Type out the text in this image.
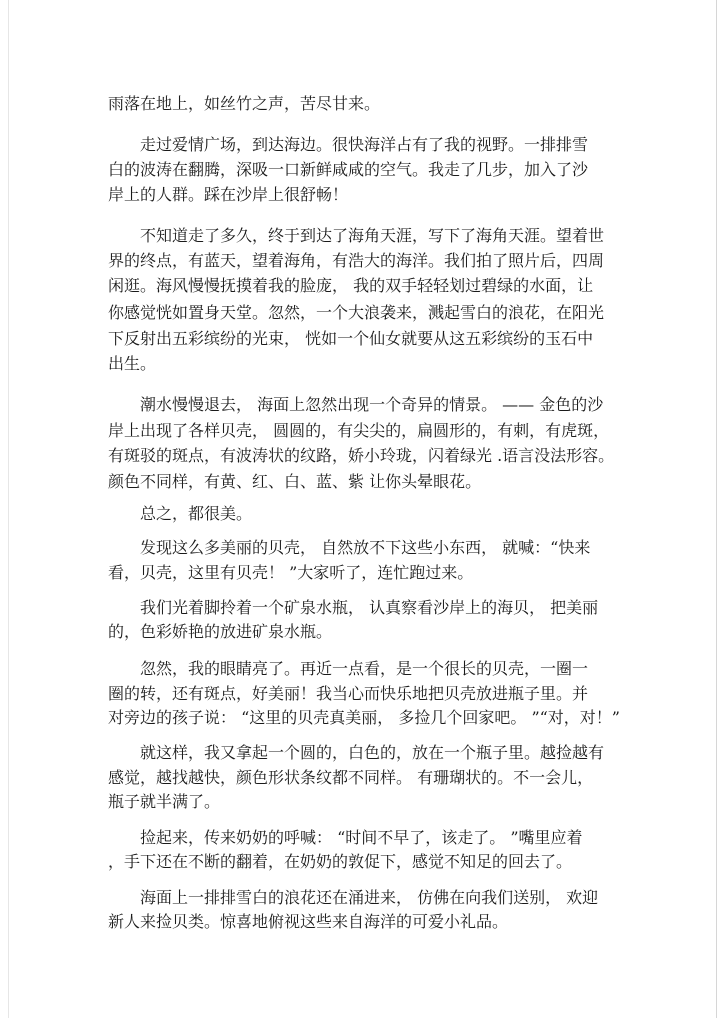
雨落在地上，如丝竹之声，苦尽甘来。
走过爱情广场，到达海边。很快海洋占有了我的视野。一排排雪
白的波涛在翻腾，深吸一口新鲜咸咸的空气。我走了几步，加入了沙
岸上的人群。踩在沙岸上很舒畅！
不知道走了多久，终于到达了海角天涯，写下了海角天涯。望着世
界的终点，有蓝天，望着海角，有浩大的海洋。我们拍了照片后，四周
闲逛。海风慢慢抚摸着我的脸庞， 我的双手轻轻划过碧绿的水面，让
你感觉恍如置身天堂。忽然，一个大浪袭来，溅起雪白的浪花，在阳光
下反射出五彩缤纷的光束， 恍如一个仙女就要从这五彩缤纷的玉石中
出生。
潮水慢慢退去， 海面上忽然出现一个奇异的情景。 —— 金色的沙
岸上出现了各样贝壳， 圆圆的，有尖尖的，扁圆形的，有刺，有虎斑，
有斑驳的斑点，有波涛状的纹路，娇小玲珑，闪着绿光 .语言没法形容。
颜色不同样，有黄、红、白、蓝、紫 让你头晕眼花。
总之，都很美。
发现这么多美丽的贝壳， 自然放不下这些小东西， 就喊：“快来
看，贝壳，这里有贝壳！ ”大家听了，连忙跑过来。
我们光着脚拎着一个矿泉水瓶， 认真察看沙岸上的海贝， 把美丽
的，色彩娇艳的放进矿泉水瓶。
忽然，我的眼睛亮了。再近一点看，是一个很长的贝壳，一圈一
圈的转，还有斑点，好美丽！我当心而快乐地把贝壳放进瓶子里。并
对旁边的孩子说： “这里的贝壳真美丽， 多捡几个回家吧。 ”“对，对！”
就这样，我又拿起一个圆的，白色的，放在一个瓶子里。越捡越有
感觉，越找越快，颜色形状条纹都不同样。 有珊瑚状的。不一会儿，
瓶子就半满了。
捡起来，传来奶奶的呼喊： “时间不早了，该走了。 ”嘴里应着
，手下还在不断的翻着，在奶奶的敦促下，感觉不知足的回去了。
海面上一排排雪白的浪花还在涌进来， 仿佛在向我们送别， 欢迎
新人来捡贝类。惊喜地俯视这些来自海洋的可爱小礼品。
